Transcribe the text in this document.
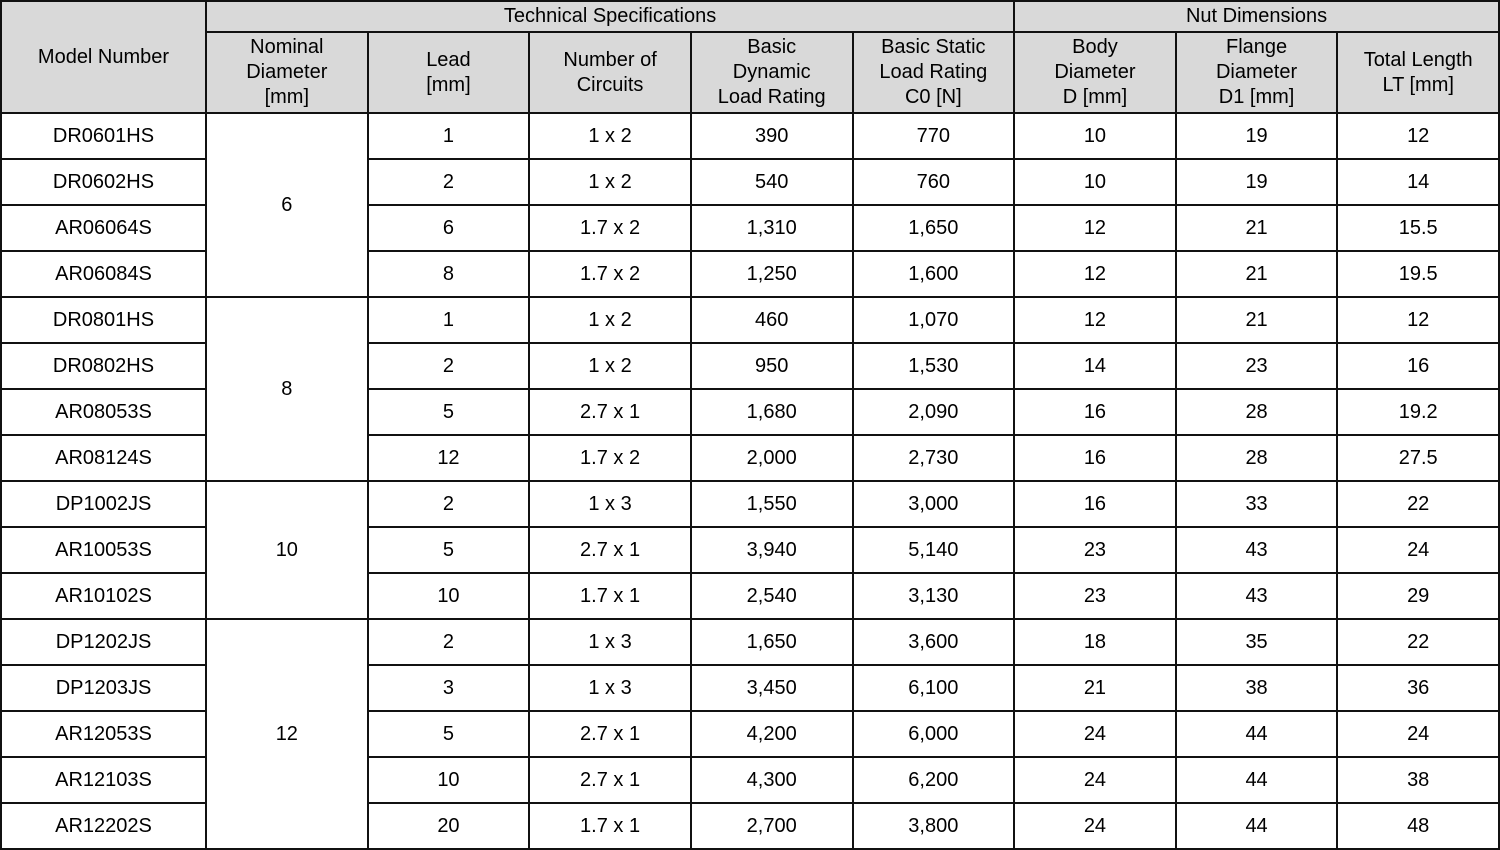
Model Number	Technical Specifications					Nut Dimensions		
	Nominal
Diameter
[mm]	Lead
[mm]	Number of
Circuits	Basic
Dynamic
Load Rating	Basic Static
Load Rating
C0 [N]	Body
Diameter
D [mm]	Flange
Diameter
D1 [mm]	Total Length
LT [mm]
DR0601HS	6	1	1 x 2	390	770	10	19	12
DR0602HS		2	1 x 2	540	760	10	19	14
AR06064S		6	1.7 x 2	1,310	1,650	12	21	15.5
AR06084S		8	1.7 x 2	1,250	1,600	12	21	19.5
DR0801HS	8	1	1 x 2	460	1,070	12	21	12
DR0802HS		2	1 x 2	950	1,530	14	23	16
AR08053S		5	2.7 x 1	1,680	2,090	16	28	19.2
AR08124S		12	1.7 x 2	2,000	2,730	16	28	27.5
DP1002JS	10	2	1 x 3	1,550	3,000	16	33	22
AR10053S		5	2.7 x 1	3,940	5,140	23	43	24
AR10102S		10	1.7 x 1	2,540	3,130	23	43	29
DP1202JS	12	2	1 x 3	1,650	3,600	18	35	22
DP1203JS		3	1 x 3	3,450	6,100	21	38	36
AR12053S		5	2.7 x 1	4,200	6,000	24	44	24
AR12103S		10	2.7 x 1	4,300	6,200	24	44	38
AR12202S		20	1.7 x 1	2,700	3,800	24	44	48
